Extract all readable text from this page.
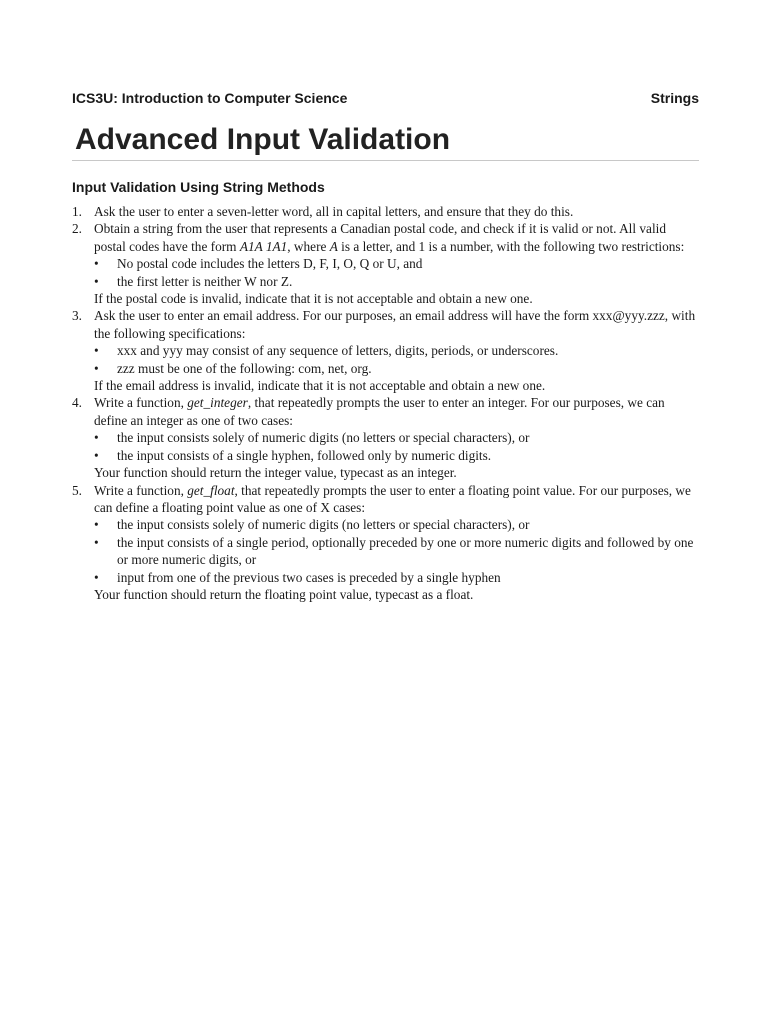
ICS3U: Introduction to Computer Science	Strings
Advanced Input Validation
Input Validation Using String Methods
1. Ask the user to enter a seven-letter word, all in capital letters, and ensure that they do this.
2. Obtain a string from the user that represents a Canadian postal code, and check if it is valid or not. All valid postal codes have the form A1A 1A1, where A is a letter, and 1 is a number, with the following two restrictions:
•	No postal code includes the letters D, F, I, O, Q or U, and
•	the first letter is neither W nor Z.
If the postal code is invalid, indicate that it is not acceptable and obtain a new one.
3. Ask the user to enter an email address. For our purposes, an email address will have the form xxx@yyy.zzz, with the following specifications:
•	xxx and yyy may consist of any sequence of letters, digits, periods, or underscores.
•	zzz must be one of the following: com, net, org.
If the email address is invalid, indicate that it is not acceptable and obtain a new one.
4. Write a function, get_integer, that repeatedly prompts the user to enter an integer. For our purposes, we can define an integer as one of two cases:
•	the input consists solely of numeric digits (no letters or special characters), or
•	the input consists of a single hyphen, followed only by numeric digits.
Your function should return the integer value, typecast as an integer.
5. Write a function, get_float, that repeatedly prompts the user to enter a floating point value. For our purposes, we can define a floating point value as one of X cases:
•	the input consists solely of numeric digits (no letters or special characters), or
•	the input consists of a single period, optionally preceded by one or more numeric digits and followed by one or more numeric digits, or
•	input from one of the previous two cases is preceded by a single hyphen
Your function should return the floating point value, typecast as a float.
